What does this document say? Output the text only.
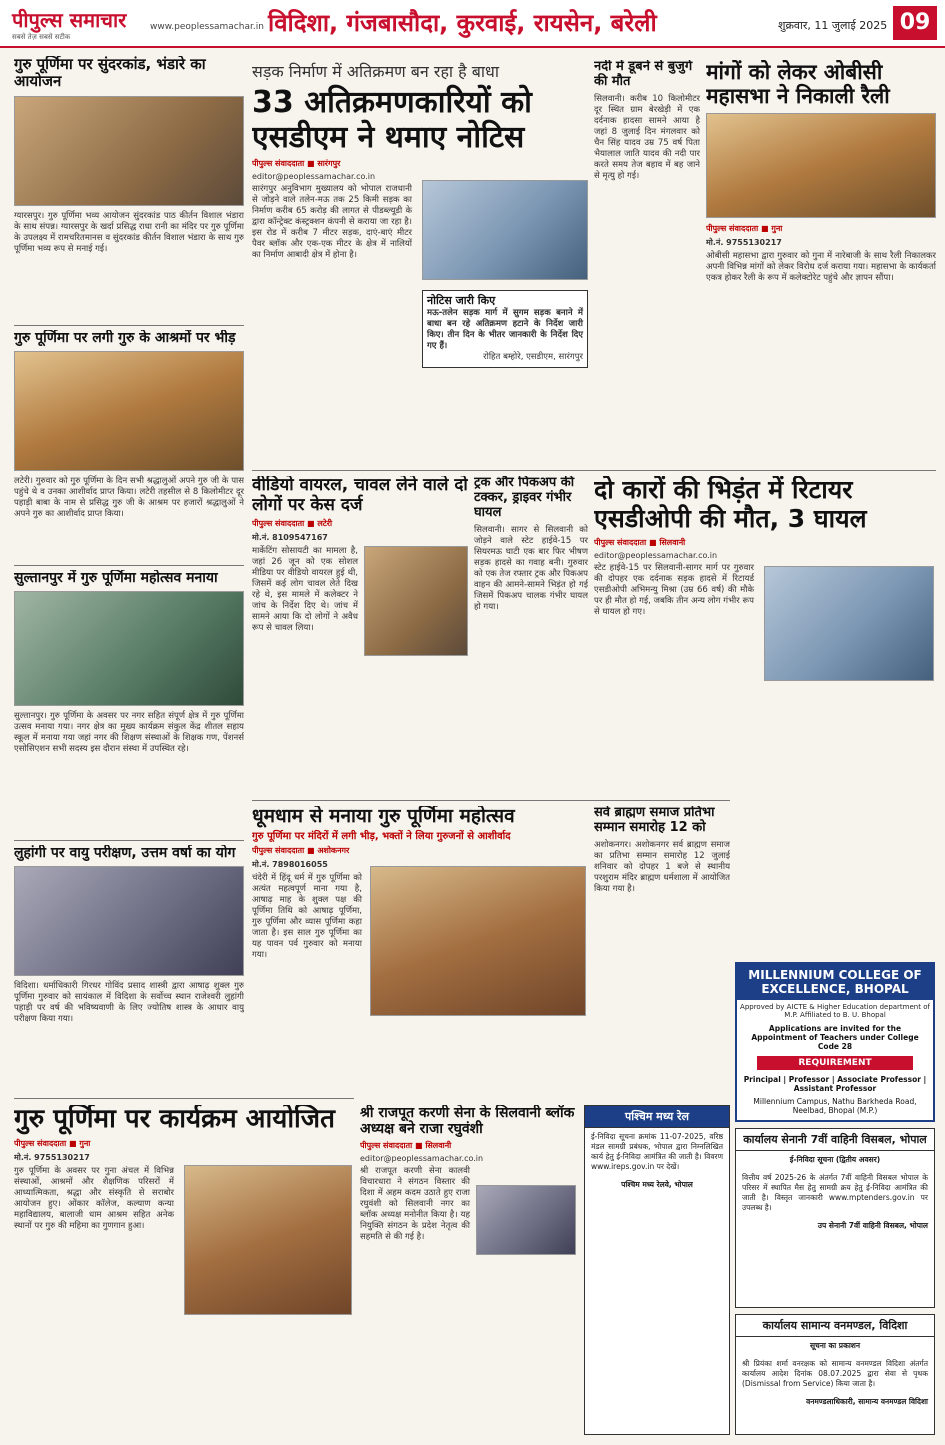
पीपुल्स समाचार
सबसे तेज़ सबसे सटीक
www.peoplessamachar.in विदिशा, गंजबासौदा, कुरवाई, रायसेन, बरेली	शुक्रवार, 11 जुलाई 2025 09
गुरु पूर्णिमा पर सुंदरकांड, भंडारे का आयोजन
ग्यारसपुर। गुरु पूर्णिमा भव्य आयोजन सुंदरकांड पाठ कीर्तन विशाल भंडारा के साथ संपन्न। ग्यारसपुर के खर्दा प्रसिद्ध राधा रानी का मंदिर पर गुरु पूर्णिमा के उपलक्ष्य में रामचरितमानस व सुंदरकांड कीर्तन विशाल भंडारा के साथ गुरु पूर्णिमा भव्य रूप से मनाई गई।
गुरु पूर्णिमा पर लगी गुरु के आश्रमों पर भीड़
लटेरी। गुरुवार को गुरु पूर्णिमा के दिन सभी श्रद्धालुओं अपने गुरु जी के पास पहुंचे थे व उनका आशीर्वाद प्राप्त किया। लटेरी तहसील से 8 किलोमीटर दूर पहाड़ी बाबा के नाम से प्रसिद्ध गुरु जी के आश्रम पर हजारों श्रद्धालुओं ने अपने गुरु का आशीर्वाद प्राप्त किया।
सुल्तानपुर में गुरु पूर्णिमा महोत्सव मनाया
सुल्तानपुर। गुरु पूर्णिमा के अवसर पर नगर सहित संपूर्ण क्षेत्र में गुरु पूर्णिमा उत्सव मनाया गया। नगर क्षेत्र का मुख्य कार्यक्रम संकुल केंद्र शीतल सहाय स्कूल में मनाया गया जहां नगर की शिक्षण संस्थाओं के शिक्षक गण, पेंशनर्स एसोसिएशन सभी सदस्य इस दौरान संस्था में उपस्थित रहे।
लुहांगी पर वायु परीक्षण, उत्तम वर्षा का योग
विदिशा। धर्माधिकारी गिरधर गोविंद प्रसाद शास्त्री द्वारा आषाढ़ शुक्ल गुरु पूर्णिमा गुरुवार को सायंकाल में विदिशा के सर्वोच्च स्थान राजेश्वरी लुहांगी पहाड़ी पर वर्ष की भविष्यवाणी के लिए ज्योतिष शास्त्र के आधार वायु परीक्षण किया गया।
गुरु पूर्णिमा पर कार्यक्रम आयोजित
पीपुल्स संवाददाता ■ गुना
मो.नं. 9755130217
गुरु पूर्णिमा के अवसर पर गुना अंचल में विभिन्न संस्थाओं, आश्रमों और शैक्षणिक परिसरों में आध्यात्मिकता, श्रद्धा और संस्कृति से सराबोर आयोजन हुए। ओंकार कॉलेज, कल्याण कन्या महाविद्यालय, बालाजी धाम आश्रम सहित अनेक स्थानों पर गुरु की महिमा का गुणगान हुआ।
सड़क निर्माण में अतिक्रमण बन रहा है बाधा
33 अतिक्रमणकारियों को एसडीएम ने थमाए नोटिस
पीपुल्स संवाददाता ■ सारंगपुर
editor@peoplessamachar.co.in
सारंगपुर अनुविभाग मुख्यालय को भोपाल राजधानी से जोड़ने वाले तलेन-मऊ तक 25 किमी सड़क का निर्माण करीब 65 करोड़ की लागत से पीडब्ल्यूडी के द्वारा कॉन्ट्रेक्ट कंस्ट्रक्शन कंपनी से कराया जा रहा है। इस रोड में करीब 7 मीटर सड़क, दाएं-बाएं मीटर पैवर ब्लॉक और एक-एक मीटर के क्षेत्र में नालियों का निर्माण आबादी क्षेत्र में होना है।
नोटिस जारी किए
मऊ-तलेन सड़क मार्ग में सुगम सड़क बनाने में बाधा बन रहे अतिक्रमण हटाने के निर्देश जारी किए। तीन दिन के भीतर जानकारी के निर्देश दिए गए हैं।
रोहित बम्होरे, एसडीएम, सारंगपुर
नदी में डूबने से बुजुर्ग की मौत
सिलवानी। करीब 10 किलोमीटर दूर स्थित ग्राम बेरखेड़ी में एक दर्दनाक हादसा सामने आया है जहां 8 जुलाई दिन मंगलवार को चैन सिंह यादव उम्र 75 वर्ष पिता भैयालाल जाति यादव की नदी पार करते समय तेज बहाव में बह जाने से मृत्यु हो गई।
मांगों को लेकर ओबीसी महासभा ने निकाली रैली
पीपुल्स संवाददाता ■ गुना
मो.नं. 9755130217
ओबीसी महासभा द्वारा गुरुवार को गुना में नारेबाजी के साथ रैली निकालकर अपनी विभिन्न मांगों को लेकर विरोध दर्ज कराया गया। महासभा के कार्यकर्ता एकत्र होकर रैली के रूप में कलेक्टोरेट पहुंचे और ज्ञापन सौंपा।
वीडियो वायरल, चावल लेने वाले दो लोगों पर केस दर्ज
पीपुल्स संवाददाता ■ लटेरी
मो.नं. 8109547167
मार्केटिंग सोसायटी का मामला है, जहां 26 जून को एक सोशल मीडिया पर वीडियो वायरल हुई थी, जिसमें कई लोग चावल लेते दिख रहे थे, इस मामले में कलेक्टर ने जांच के निर्देश दिए थे। जांच में सामने आया कि दो लोगों ने अवैध रूप से चावल लिया।
ट्रक और पिकअप की टक्कर, ड्राइवर गंभीर घायल
सिलवानी। सागर से सिलवानी को जोड़ने वाले स्टेट हाईवे-15 पर सियरमऊ घाटी एक बार फिर भीषण सड़क हादसे का गवाह बनी। गुरुवार को एक तेज रफ्तार ट्रक और पिकअप वाहन की आमने-सामने भिड़ंत हो गई जिसमें पिकअप चालक गंभीर घायल हो गया।
दो कारों की भिड़ंत में रिटायर एसडीओपी की मौत, 3 घायल
पीपुल्स संवाददाता ■ सिलवानी
editor@peoplessamachar.co.in
स्टेट हाईवे-15 पर सिलवानी-सागर मार्ग पर गुरुवार की दोपहर एक दर्दनाक सड़क हादसे में रिटायर्ड एसडीओपी अभिमन्यु मिश्रा (उम्र 66 वर्ष) की मौके पर ही मौत हो गई, जबकि तीन अन्य लोग गंभीर रूप से घायल हो गए।
धूमधाम से मनाया गुरु पूर्णिमा महोत्सव
गुरु पूर्णिमा पर मंदिरों में लगी भीड़, भक्तों ने लिया गुरुजनों से आशीर्वाद
पीपुल्स संवाददाता ■ अशोकनगर
मो.नं. 7898016055
चंदेरी में हिंदू धर्म में गुरु पूर्णिमा को अत्यंत महत्वपूर्ण माना गया है, आषाढ़ माह के शुक्ल पक्ष की पूर्णिमा तिथि को आषाढ़ पूर्णिमा, गुरु पूर्णिमा और व्यास पूर्णिमा कहा जाता है। इस साल गुरु पूर्णिमा का यह पावन पर्व गुरुवार को मनाया गया।
सर्व ब्राह्मण समाज प्रतिभा सम्मान समारोह 12 को
अशोकनगर। अशोकनगर सर्व ब्राह्मण समाज का प्रतिभा सम्मान समारोह 12 जुलाई शनिवार को दोपहर 1 बजे से स्थानीय परशुराम मंदिर ब्राह्मण धर्मशाला में आयोजित किया गया है।
श्री राजपूत करणी सेना के सिलवानी ब्लॉक अध्यक्ष बने राजा रघुवंशी
पीपुल्स संवाददाता ■ सिलवानी
editor@peoplessamachar.co.in
श्री राजपूत करणी सेना कालवी विचारधारा ने संगठन विस्तार की दिशा में अहम कदम उठाते हुए राजा रघुवंशी को सिलवानी नगर का ब्लॉक अध्यक्ष मनोनीत किया है। यह नियुक्ति संगठन के प्रदेश नेतृत्व की सहमति से की गई है।
पश्चिम मध्य रेल
ई-निविदा सूचना क्रमांक 11-07-2025, वरिष्ठ मंडल सामग्री प्रबंधक, भोपाल द्वारा निम्नलिखित कार्य हेतु ई-निविदा आमंत्रित की जाती है। विवरण www.ireps.gov.in पर देखें।
पश्चिम मध्य रेलवे, भोपाल
MILLENNIUM COLLEGE OF EXCELLENCE, BHOPAL
Approved by AICTE & Higher Education department of M.P. Affiliated to B. U. Bhopal
Applications are invited for the Appointment of Teachers under College Code 28
REQUIREMENT
Principal | Professor | Associate Professor | Assistant Professor
Millennium Campus, Nathu Barkheda Road, Neelbad, Bhopal (M.P.)
कार्यालय सेनानी 7वीं वाहिनी विसबल, भोपाल
ई-निविदा सूचना (द्वितीय अवसर)
वित्तीय वर्ष 2025-26 के अंतर्गत 7वीं वाहिनी विसबल भोपाल के परिसर में स्थापित मैस हेतु सामग्री क्रय हेतु ई-निविदा आमंत्रित की जाती है। विस्तृत जानकारी www.mptenders.gov.in पर उपलब्ध है।
उप सेनानी 7वीं वाहिनी विसबल, भोपाल
कार्यालय सामान्य वनमण्डल, विदिशा
सूचना का प्रकाशन
श्री प्रियंका शर्मा वनरक्षक को सामान्य वनमण्डल विदिशा अंतर्गत कार्यालय आदेश दिनांक 08.07.2025 द्वारा सेवा से पृथक (Dismissal from Service) किया जाता है।
वनमण्डलाधिकारी, सामान्य वनमण्डल विदिशा
